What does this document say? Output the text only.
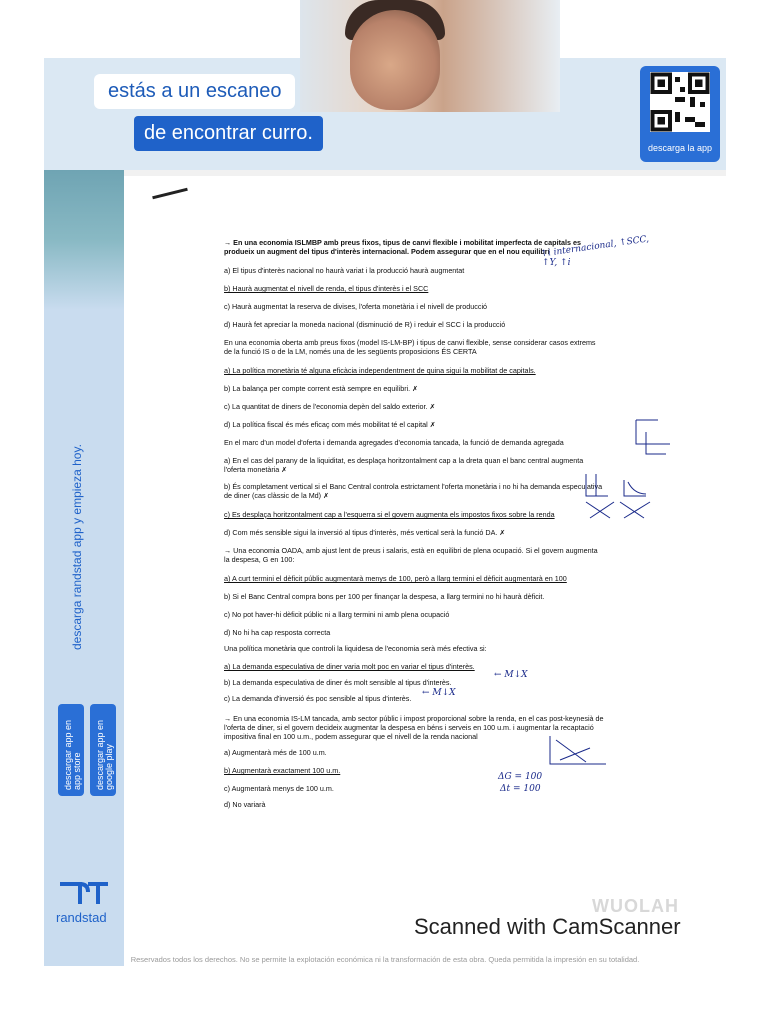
estás a un escaneo
de encontrar curro.
descarga la app
descarga randstad app y empieza hoy.
descargar app en
app store descargar app en
google play
randstad
→ En una economia ISLMBP amb preus fixos, tipus de canvi flexible i mobilitat imperfecta de capitals es produeix un augment del tipus d'interès internacional. Podem assegurar que en el nou equilibri
a) El tipus d'interès nacional no haurà variat i la producció haurà augmentat
b) Haurà augmentat el nivell de renda, el tipus d'interès i el SCC
c) Haurà augmentat la reserva de divises, l'oferta monetària i el nivell de producció
d) Haurà fet apreciar la moneda nacional (disminució de R) i reduir el SCC i la producció
En una economia oberta amb preus fixos (model IS-LM-BP) i tipus de canvi flexible, sense considerar casos extrems de la funció IS o de la LM, només una de les següents proposicions ÉS CERTA
a) La política monetària té alguna eficàcia independentment de quina sigui la mobilitat de capitals.
b) La balança per compte corrent està sempre en equilibri. ✗
c) La quantitat de diners de l'economia depèn del saldo exterior. ✗
d) La política fiscal és més eficaç com més mobilitat té el capital ✗
En el marc d'un model d'oferta i demanda agregades d'economia tancada, la funció de demanda agregada
a) En el cas del parany de la liquiditat, es desplaça horitzontalment cap a la dreta quan el banc central augmenta l'oferta monetària ✗
b) És completament vertical si el Banc Central controla estrictament l'oferta monetària i no hi ha demanda especulativa de diner (cas clàssic de la Md) ✗
c) Es desplaça horitzontalment cap a l'esquerra si el govern augmenta els impostos fixos sobre la renda
d) Com més sensible sigui la inversió al tipus d'interès, més vertical serà la funció DA. ✗
→ Una economia OADA, amb ajust lent de preus i salaris, està en equilibri de plena ocupació. Si el govern augmenta la despesa, G en 100:
a) A curt termini el dèficit públic augmentarà menys de 100, però a llarg termini el dèficit augmentarà en 100
b) Si el Banc Central compra bons per 100 per finançar la despesa, a llarg termini no hi haurà dèficit.
c) No pot haver-hi dèficit públic ni a llarg termini ni amb plena ocupació
d) No hi ha cap resposta correcta
Una política monetària que controli la liquidesa de l'economia serà més efectiva si:
a) La demanda especulativa de diner varia molt poc en variar el tipus d'interès.
b) La demanda especulativa de diner és molt sensible al tipus d'interès.
c) La demanda d'inversió és poc sensible al tipus d'interès.
→ En una economia IS-LM tancada, amb sector públic i impost proporcional sobre la renda, en el cas post-keynesià de l'oferta de diner, si el govern decideix augmentar la despesa en béns i serveis en 100 u.m. i augmentar la recaptació impositiva final en 100 u.m., podem assegurar que el nivell de la renda nacional
a) Augmentarà més de 100 u.m.
b) Augmentarà exactament 100 u.m.
c) Augmentarà menys de 100 u.m.
d) No variarà
↑i internacional, ↑SCC,
↑Y, ↑i
← M↓X
← M↓X
ΔG = 100
Δt = 100
WUOLAH
Scanned with CamScanner
Reservados todos los derechos. No se permite la explotación económica ni la transformación de esta obra. Queda permitida la impresión en su totalidad.
